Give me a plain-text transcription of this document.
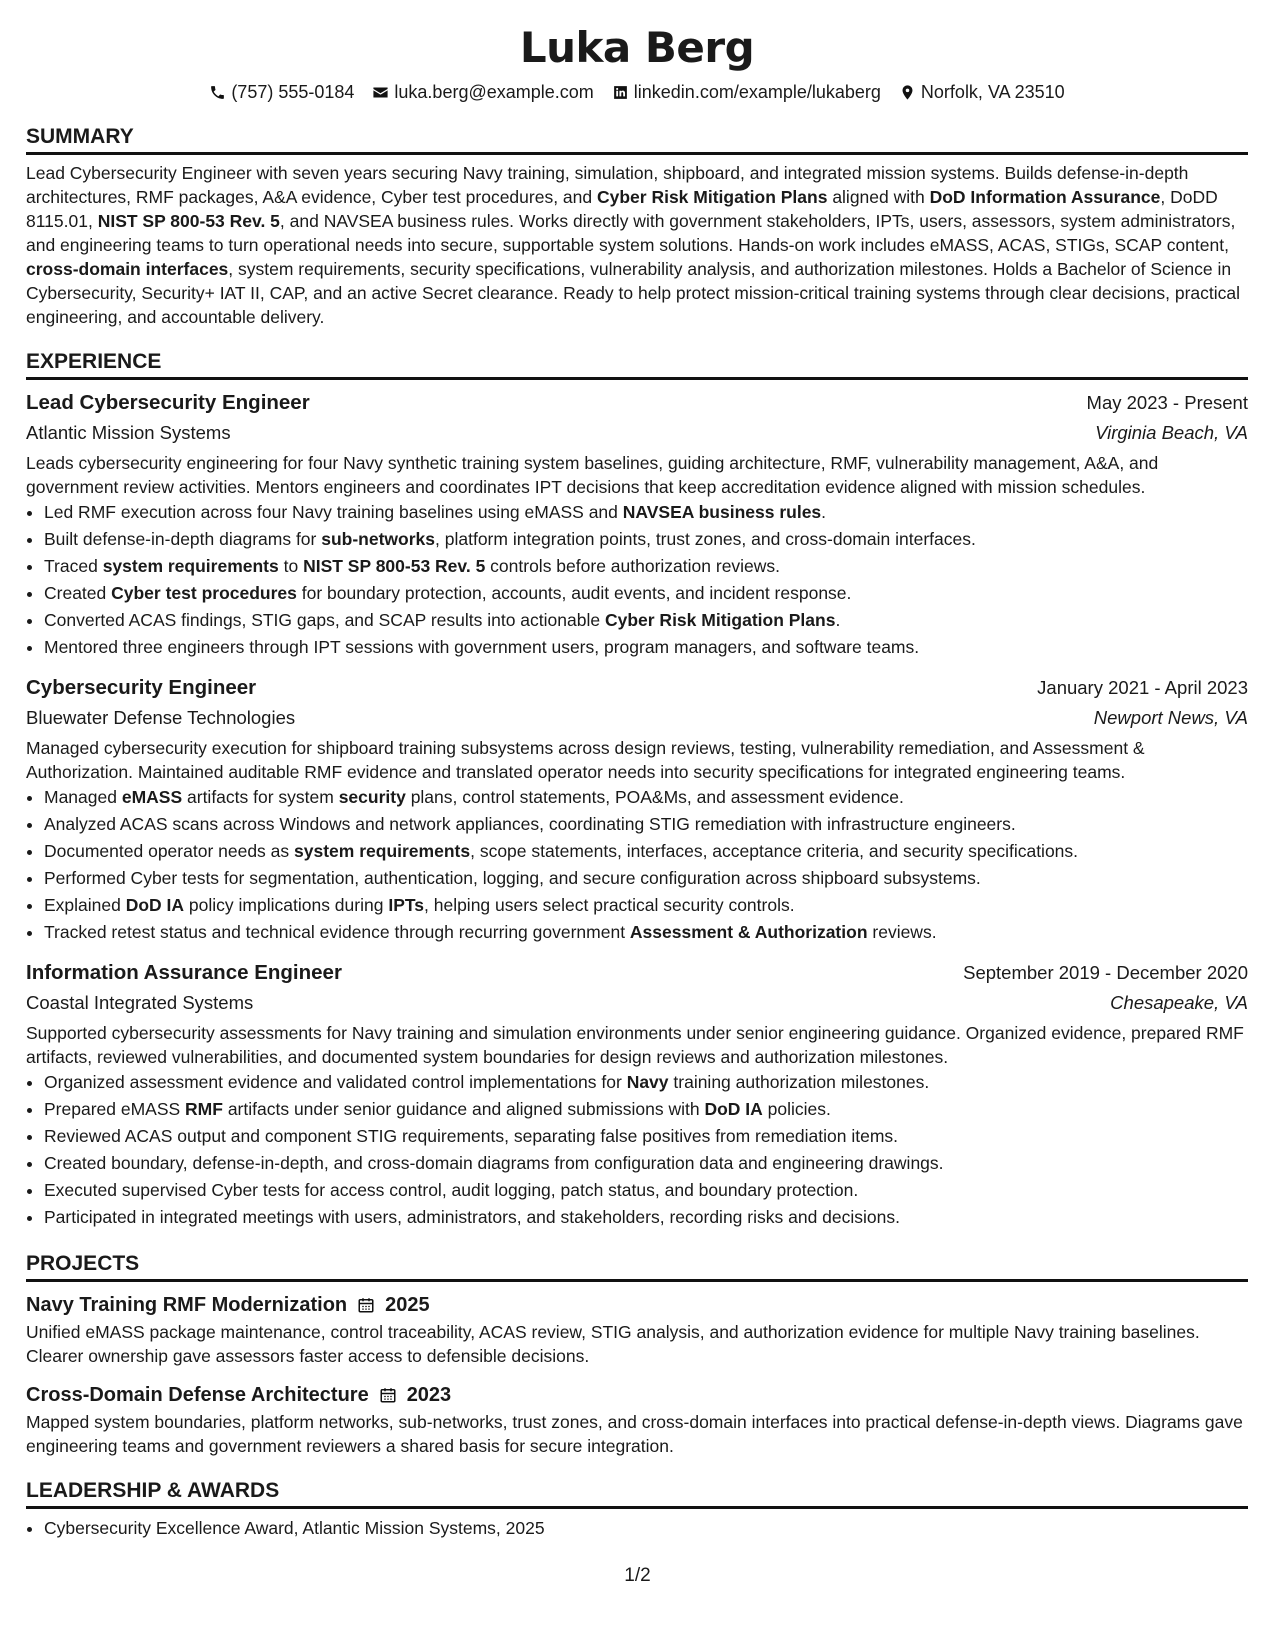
Luka Berg
(757) 555-0184 luka.berg@example.com linkedin.com/example/lukaberg Norfolk, VA 23510
SUMMARY

Lead Cybersecurity Engineer with seven years securing Navy training, simulation, shipboard, and integrated mission systems. Builds defense-in-depth architectures, RMF packages, A&A evidence, Cyber test procedures, and Cyber Risk Mitigation Plans aligned with DoD Information Assurance, DoDD 8115.01, NIST SP 800-53 Rev. 5, and NAVSEA business rules. Works directly with government stakeholders, IPTs, users, assessors, system administrators, and engineering teams to turn operational needs into secure, supportable system solutions. Hands-on work includes eMASS, ACAS, STIGs, SCAP content, cross-domain interfaces, system requirements, security specifications, vulnerability analysis, and authorization milestones. Holds a Bachelor of Science in Cybersecurity, Security+ IAT II, CAP, and an active Secret clearance. Ready to help protect mission-critical training systems through clear decisions, practical engineering, and accountable delivery.

EXPERIENCE
Lead Cybersecurity Engineer	May 2023 - Present
Atlantic Mission Systems	Virginia Beach, VA

Leads cybersecurity engineering for four Navy synthetic training system baselines, guiding architecture, RMF, vulnerability management, A&A, and government review activities. Mentors engineers and coordinates IPT decisions that keep accreditation evidence aligned with mission schedules.

• Led RMF execution across four Navy training baselines using eMASS and NAVSEA business rules.
• Built defense-in-depth diagrams for sub-networks, platform integration points, trust zones, and cross-domain interfaces.
• Traced system requirements to NIST SP 800-53 Rev. 5 controls before authorization reviews.
• Created Cyber test procedures for boundary protection, accounts, audit events, and incident response.
• Converted ACAS findings, STIG gaps, and SCAP results into actionable Cyber Risk Mitigation Plans.
• Mentored three engineers through IPT sessions with government users, program managers, and software teams.
Cybersecurity Engineer	January 2021 - April 2023
Bluewater Defense Technologies	Newport News, VA

Managed cybersecurity execution for shipboard training subsystems across design reviews, testing, vulnerability remediation, and Assessment & Authorization. Maintained auditable RMF evidence and translated operator needs into security specifications for integrated engineering teams.

• Managed eMASS artifacts for system security plans, control statements, POA&Ms, and assessment evidence.
• Analyzed ACAS scans across Windows and network appliances, coordinating STIG remediation with infrastructure engineers.
• Documented operator needs as system requirements, scope statements, interfaces, acceptance criteria, and security specifications.
• Performed Cyber tests for segmentation, authentication, logging, and secure configuration across shipboard subsystems.
• Explained DoD IA policy implications during IPTs, helping users select practical security controls.
• Tracked retest status and technical evidence through recurring government Assessment & Authorization reviews.
Information Assurance Engineer	September 2019 - December 2020
Coastal Integrated Systems	Chesapeake, VA

Supported cybersecurity assessments for Navy training and simulation environments under senior engineering guidance. Organized evidence, prepared RMF artifacts, reviewed vulnerabilities, and documented system boundaries for design reviews and authorization milestones.

• Organized assessment evidence and validated control implementations for Navy training authorization milestones.
• Prepared eMASS RMF artifacts under senior guidance and aligned submissions with DoD IA policies.
• Reviewed ACAS output and component STIG requirements, separating false positives from remediation items.
• Created boundary, defense-in-depth, and cross-domain diagrams from configuration data and engineering drawings.
• Executed supervised Cyber tests for access control, audit logging, patch status, and boundary protection.
• Participated in integrated meetings with users, administrators, and stakeholders, recording risks and decisions.
PROJECTS
Navy Training RMF Modernization 2025

Unified eMASS package maintenance, control traceability, ACAS review, STIG analysis, and authorization evidence for multiple Navy training baselines. Clearer ownership gave assessors faster access to defensible decisions.

Cross-Domain Defense Architecture 2023

Mapped system boundaries, platform networks, sub-networks, trust zones, and cross-domain interfaces into practical defense-in-depth views. Diagrams gave engineering teams and government reviewers a shared basis for secure integration.

LEADERSHIP & AWARDS
• Cybersecurity Excellence Award, Atlantic Mission Systems, 2025
1/2
